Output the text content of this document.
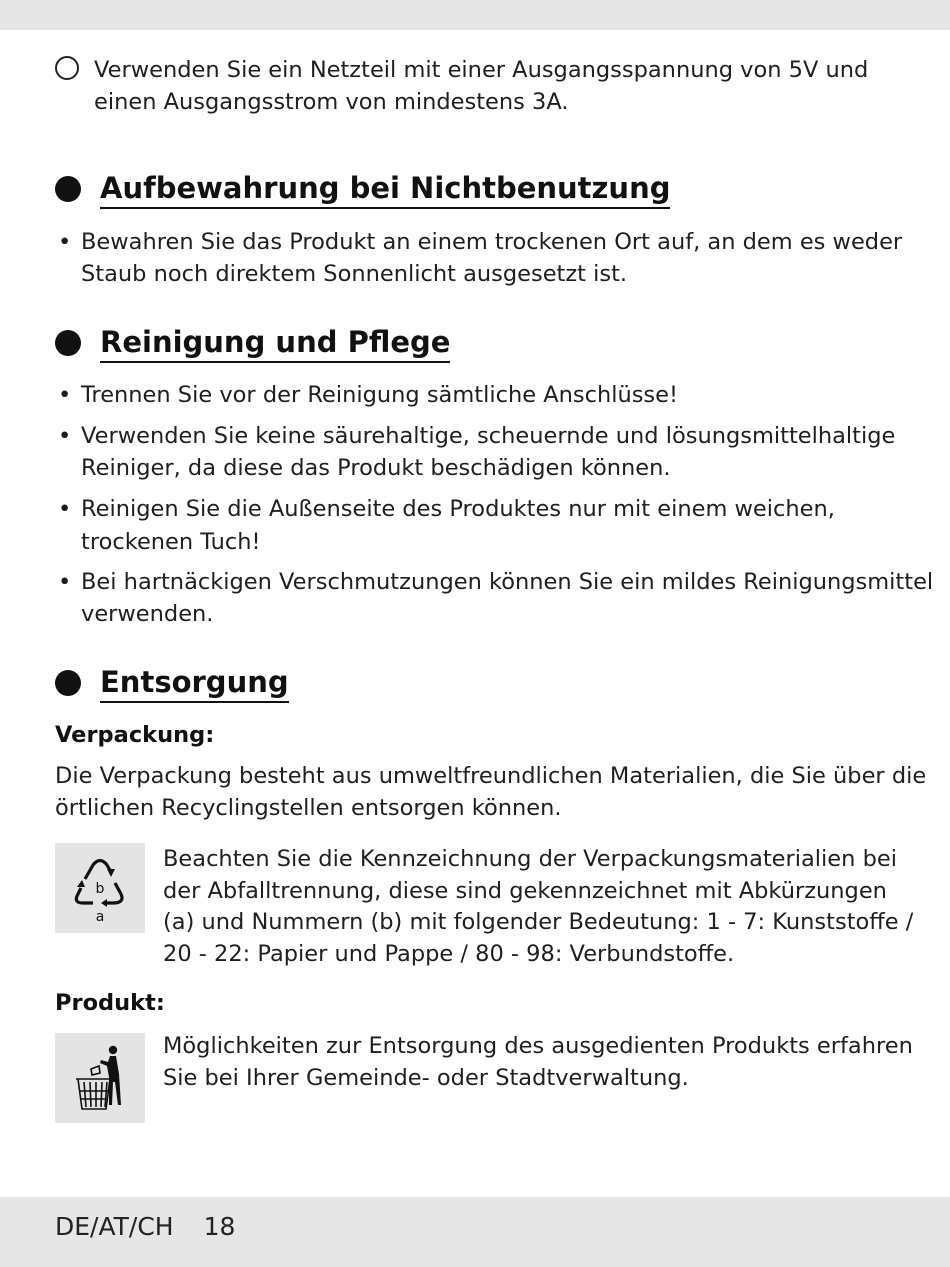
Verwenden Sie ein Netzteil mit einer Ausgangsspannung von 5V und
einen Ausgangsstrom von mindestens 3A.
Aufbewahrung bei Nichtbenutzung
• Bewahren Sie das Produkt an einem trockenen Ort auf, an dem es weder
Staub noch direktem Sonnenlicht ausgesetzt ist.
Reinigung und Pflege
• Trennen Sie vor der Reinigung sämtliche Anschlüsse!
• Verwenden Sie keine säurehaltige, scheuernde und lösungsmittelhaltige
Reiniger, da diese das Produkt beschädigen können.
• Reinigen Sie die Außenseite des Produktes nur mit einem weichen,
trockenen Tuch!
• Bei hartnäckigen Verschmutzungen können Sie ein mildes Reinigungsmittel
verwenden.
Entsorgung
Verpackung:
Die Verpackung besteht aus umweltfreundlichen Materialien, die Sie über die
örtlichen Recyclingstellen entsorgen können.
b
a
Beachten Sie die Kennzeichnung der Verpackungsmaterialien bei
der Abfalltrennung, diese sind gekennzeichnet mit Abkürzungen
(a) und Nummern (b) mit folgender Bedeutung: 1 - 7: Kunststoffe /
20 - 22: Papier und Pappe / 80 - 98: Verbundstoffe.
Produkt:
Möglichkeiten zur Entsorgung des ausgedienten Produkts erfahren
Sie bei Ihrer Gemeinde- oder Stadtverwaltung.
DE/AT/CH 18
